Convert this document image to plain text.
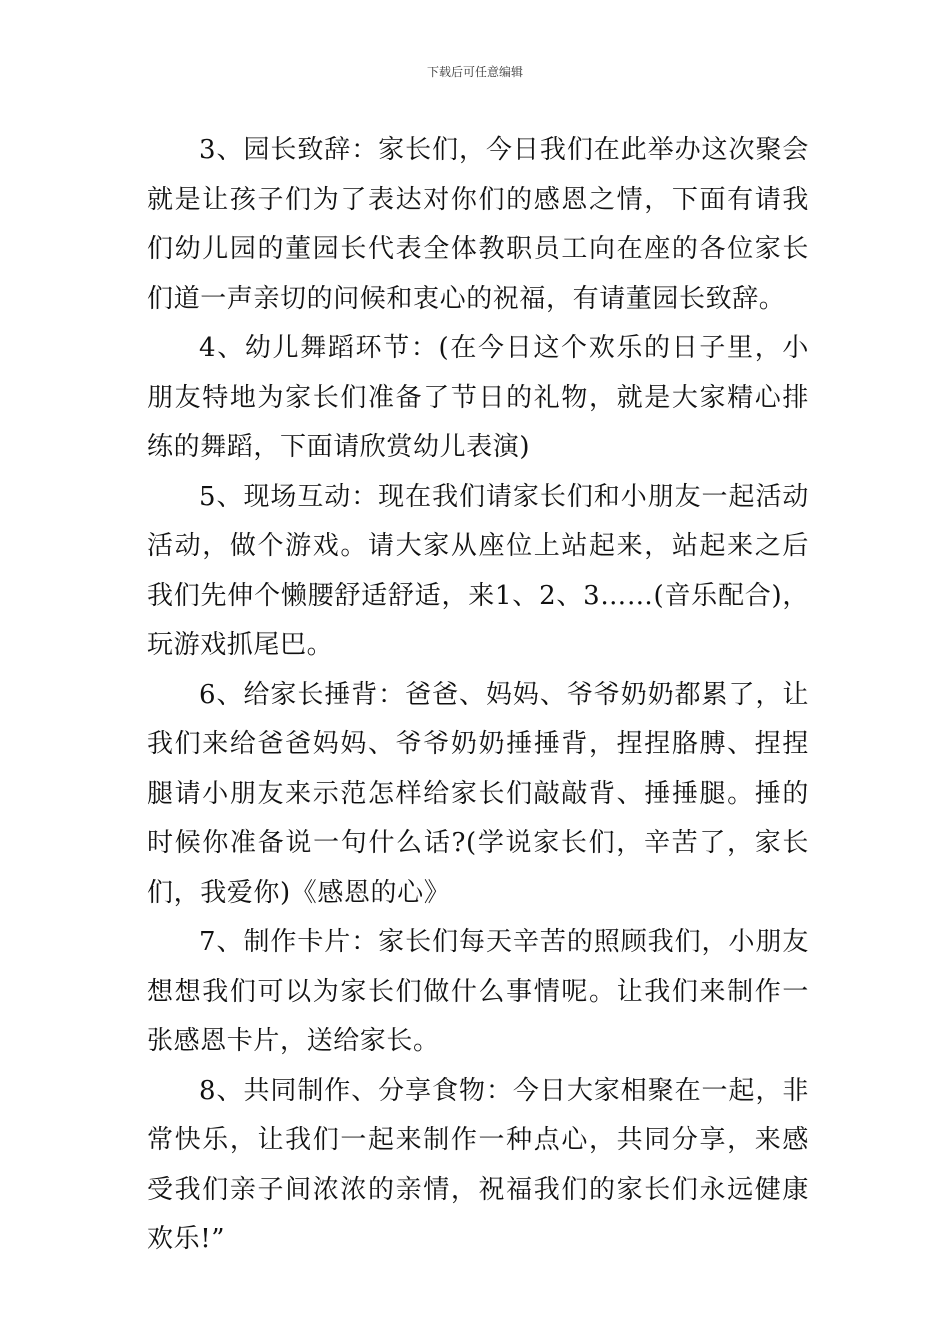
下载后可任意编辑

3、园长致辞：家长们，今日我们在此举办这次聚会就是让孩子们为了表达对你们的感恩之情，下面有请我们幼儿园的董园长代表全体教职员工向在座的各位家长们道一声亲切的问候和衷心的祝福，有请董园长致辞。

4、幼儿舞蹈环节：(在今日这个欢乐的日子里，小朋友特地为家长们准备了节日的礼物，就是大家精心排练的舞蹈，下面请欣赏幼儿表演)

5、现场互动：现在我们请家长们和小朋友一起活动活动，做个游戏。请大家从座位上站起来，站起来之后我们先伸个懒腰舒适舒适，来1、2、3……(音乐配合)，玩游戏抓尾巴。

6、给家长捶背：爸爸、妈妈、爷爷奶奶都累了，让我们来给爸爸妈妈、爷爷奶奶捶捶背，捏捏胳膊、捏捏腿请小朋友来示范怎样给家长们敲敲背、捶捶腿。捶的时候你准备说一句什么话?(学说家长们，辛苦了，家长们，我爱你)《感恩的心》

7、制作卡片：家长们每天辛苦的照顾我们，小朋友想想我们可以为家长们做什么事情呢。让我们来制作一张感恩卡片，送给家长。

8、共同制作、分享食物：今日大家相聚在一起，非常快乐，让我们一起来制作一种点心，共同分享，来感受我们亲子间浓浓的亲情，祝福我们的家长们永远健康欢乐!”
